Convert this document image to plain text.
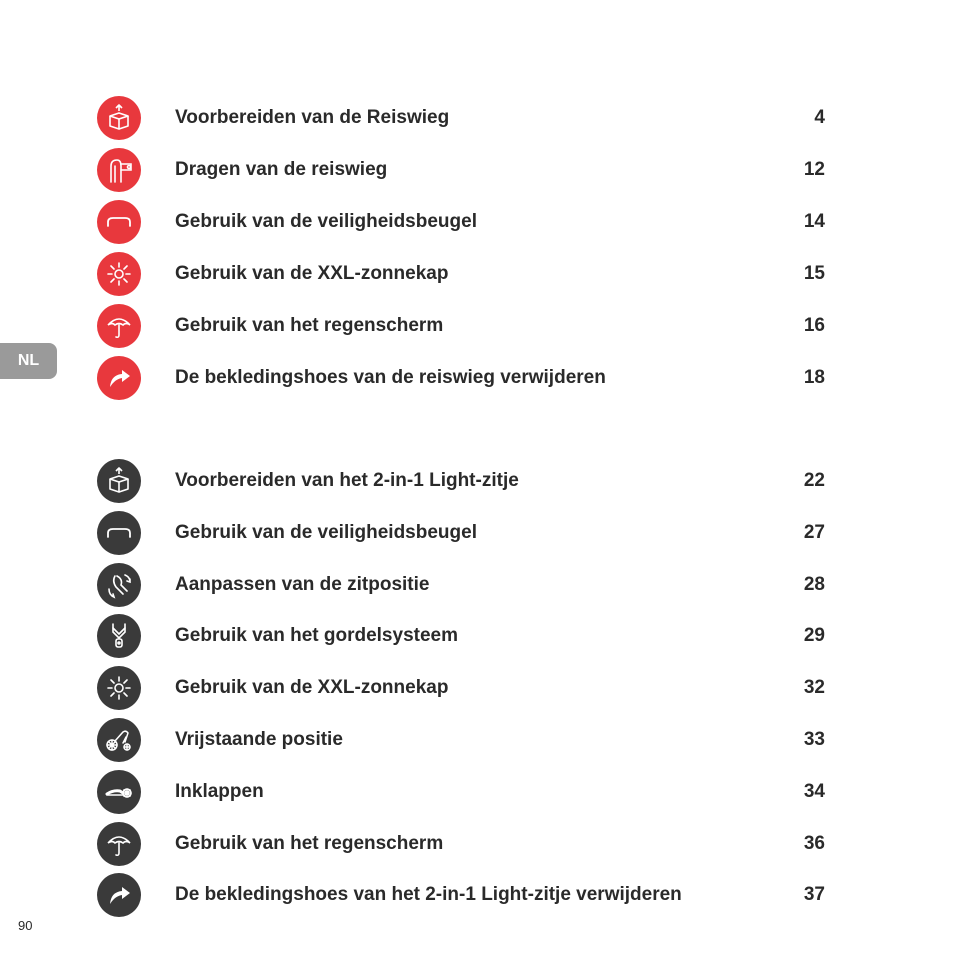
Voorbereiden van de Reiswieg	4
Dragen van de reiswieg	12
Gebruik van de veiligheidsbeugel	14
Gebruik van de XXL-zonnekap	15
Gebruik van het regenscherm	16
De bekledingshoes van de reiswieg verwijderen	18
NL
Voorbereiden van het 2-in-1 Light-zitje	22
Gebruik van de veiligheidsbeugel	27
Aanpassen van de zitpositie	28
Gebruik van het gordelsysteem	29
Gebruik van de XXL-zonnekap	32
Vrijstaande positie	33
Inklappen	34
Gebruik van het regenscherm	36
De bekledingshoes van het 2-in-1 Light-zitje verwijderen	37
90
